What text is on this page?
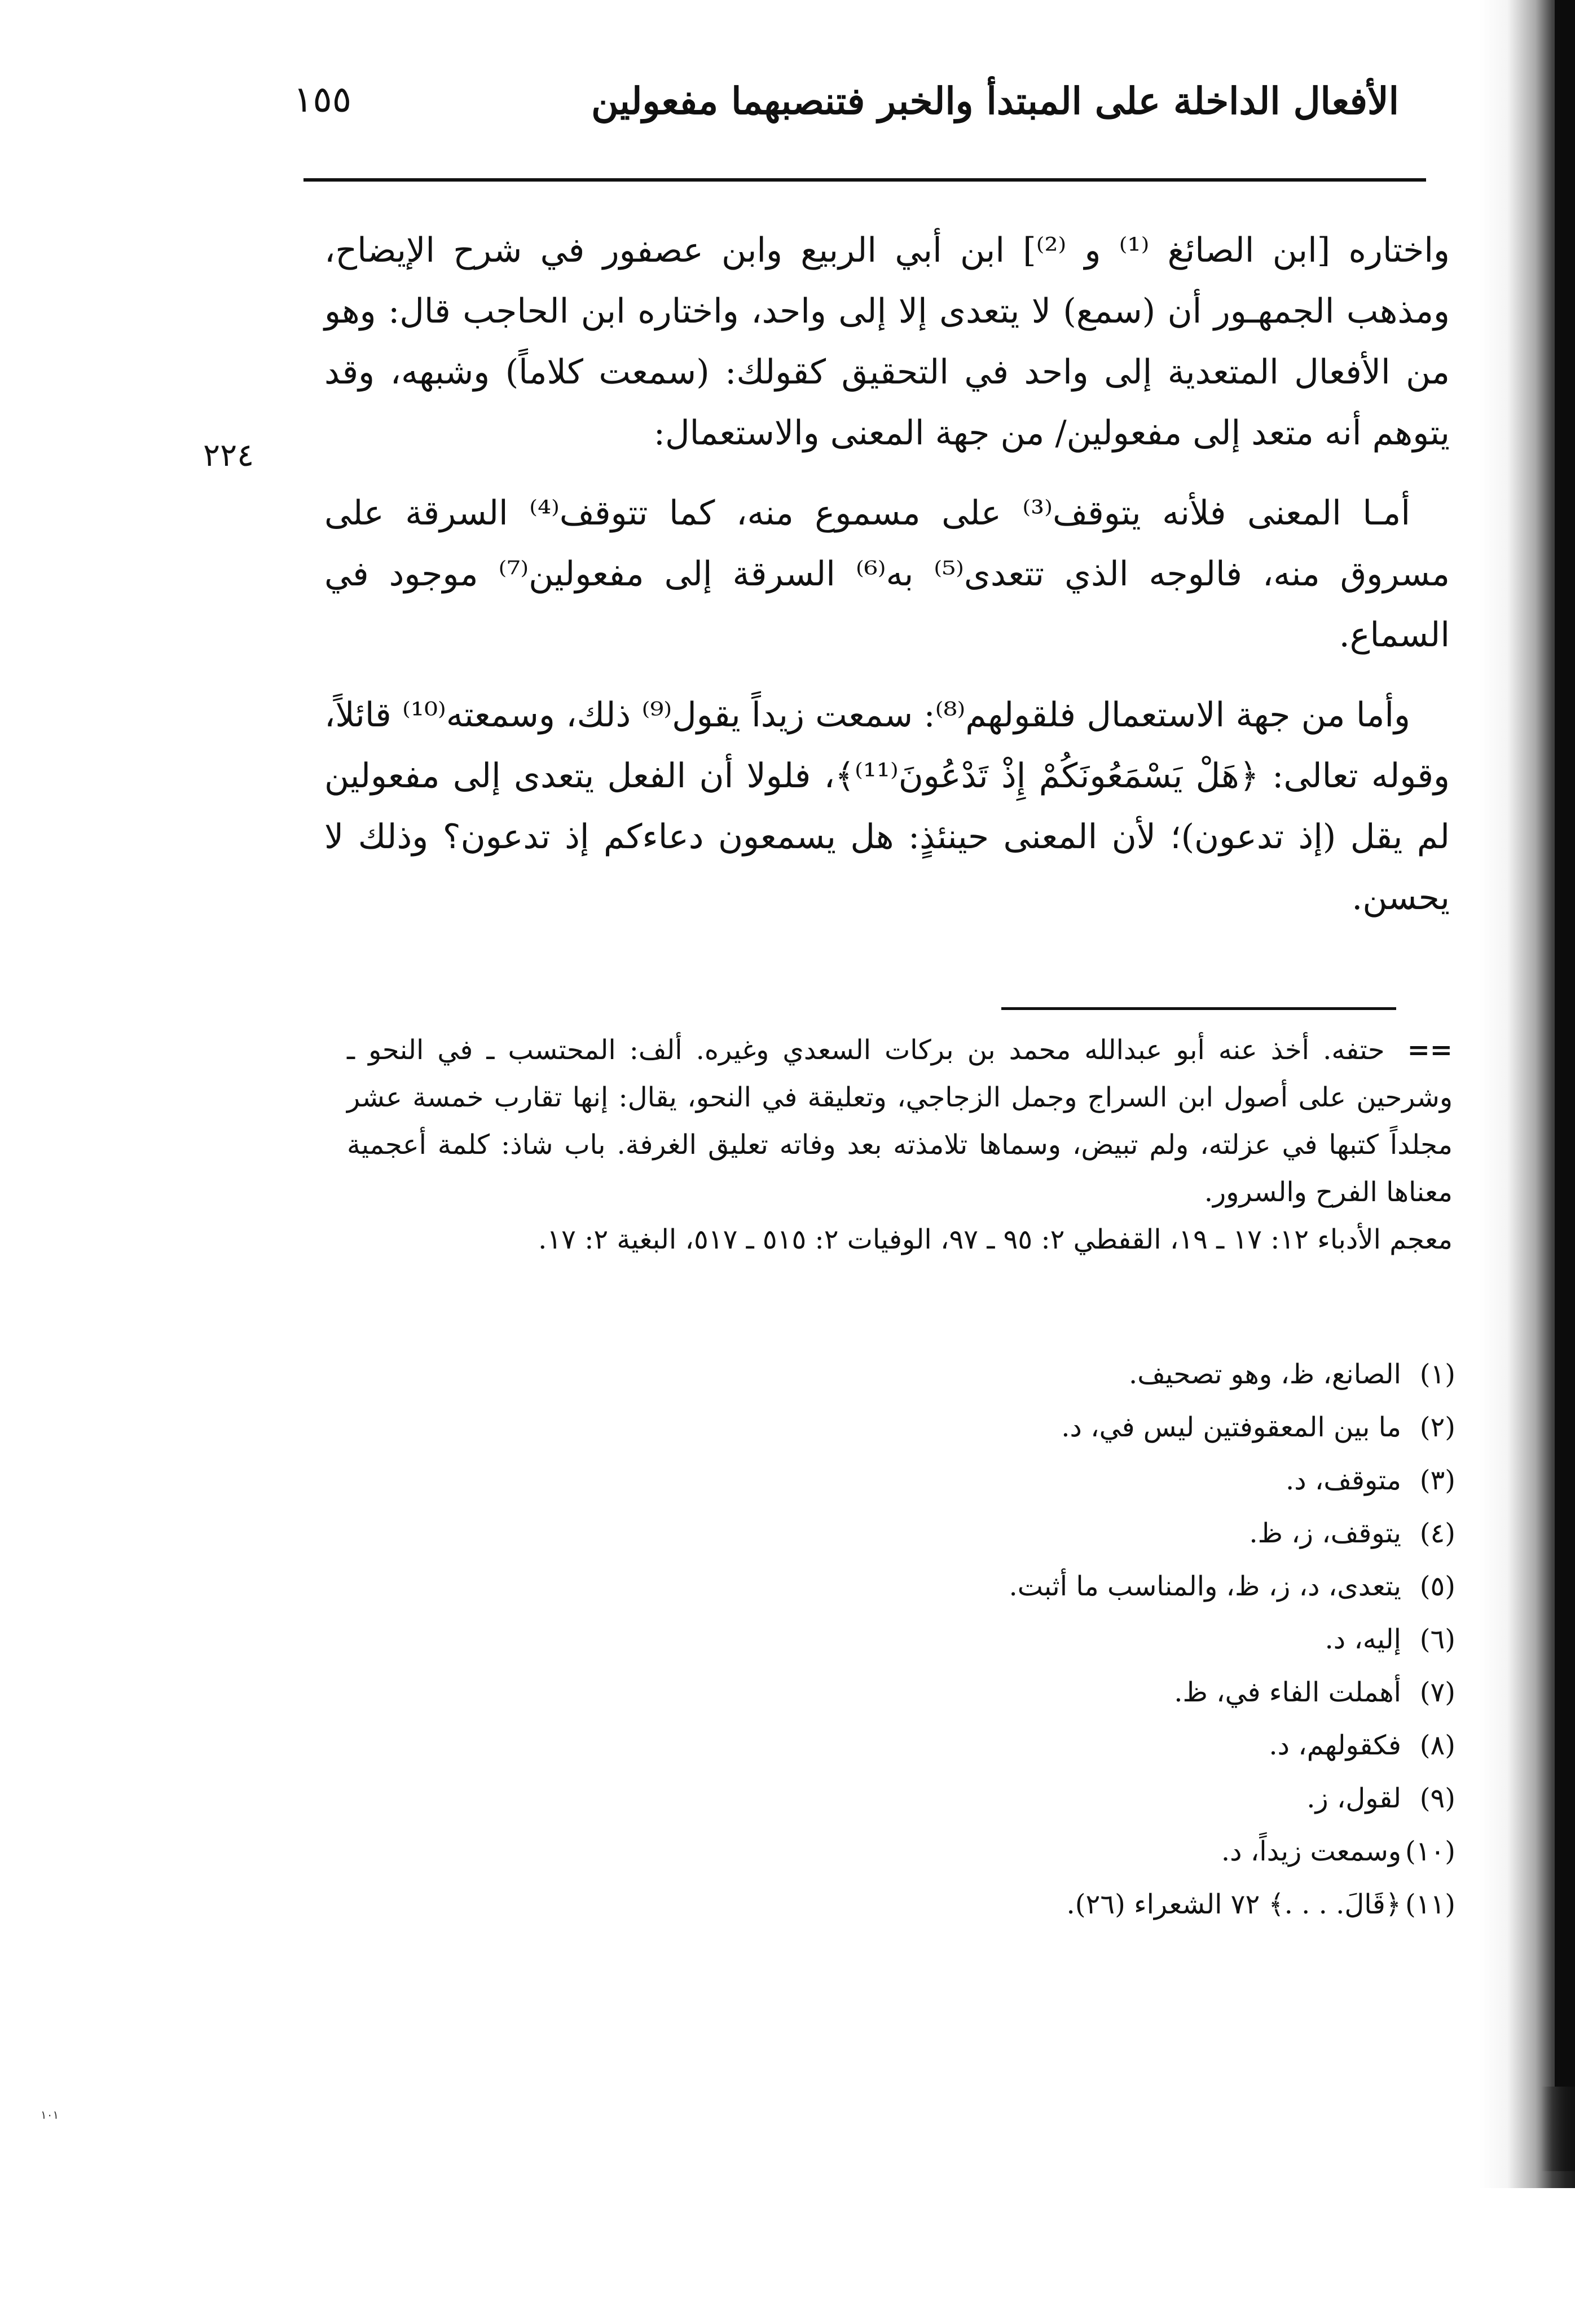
الأفعال الداخلة على المبتدأ والخبر فتنصبهما مفعولين
١٥٥
٢٢٤

واختاره [ابن الصائغ ⁽¹⁾ و ⁽²⁾] ابن أبي الربيع وابن عصفور في شرح الإيضاح، ومذهب الجمهـور أن (سمع) لا يتعدى إلا إلى واحد، واختاره ابن الحاجب قال: وهو من الأفعال المتعدية إلى واحد في التحقيق كقولك: (سمعت كلاماً) وشبهه، وقد يتوهم أنه متعد إلى مفعولين/ من جهة المعنى والاستعمال:

أمـا المعنى فلأنه يتوقف⁽³⁾ على مسموع منه، كما تتوقف⁽⁴⁾ السرقة على مسروق منه، فالوجه الذي تتعدى⁽⁵⁾ به⁽⁶⁾ السرقة إلى مفعولين⁽⁷⁾ موجود في السماع.

وأما من جهة الاستعمال فلقولهم⁽⁸⁾: سمعت زيداً يقول⁽⁹⁾ ذلك، وسمعته⁽¹⁰⁾ قائلاً، وقوله تعالى: ﴿هَلْ يَسْمَعُونَكُمْ إِذْ تَدْعُونَ⁽¹¹⁾﴾، فلولا أن الفعل يتعدى إلى مفعولين لم يقل (إذ تدعون)؛ لأن المعنى حينئذٍ: هل يسمعون دعاءكم إذ تدعون؟ وذلك لا يحسن.

== حتفه. أخذ عنه أبو عبدالله محمد بن بركات السعدي وغيره. ألف: المحتسب ـ في النحو ـ وشرحين على أصول ابن السراج وجمل الزجاجي، وتعليقة في النحو، يقال: إنها تقارب خمسة عشر مجلداً كتبها في عزلته، ولم تبيض، وسماها تلامذته بعد وفاته تعليق الغرفة. باب شاذ: كلمة أعجمية معناها الفرح والسرور.

معجم الأدباء ١٢: ١٧ ـ ١٩، القفطي ٢: ٩٥ ـ ٩٧، الوفيات ٢: ٥١٥ ـ ٥١٧، البغية ٢: ١٧.

(١)
الصانع، ظ، وهو تصحيف.
(٢)
ما بين المعقوفتين ليس في، د.
(٣)
متوقف، د.
(٤)
يتوقف، ز، ظ.
(٥)
يتعدى، د، ز، ظ، والمناسب ما أثبت.
(٦)
إليه، د.
(٧)
أهملت الفاء في، ظ.
(٨)
فكقولهم، د.
(٩)
لقول، ز.
(١٠)
وسمعت زيداً، د.
(١١)
﴿قَالَ. . . .﴾ ٧٢ الشعراء (٢٦).
١٠١
